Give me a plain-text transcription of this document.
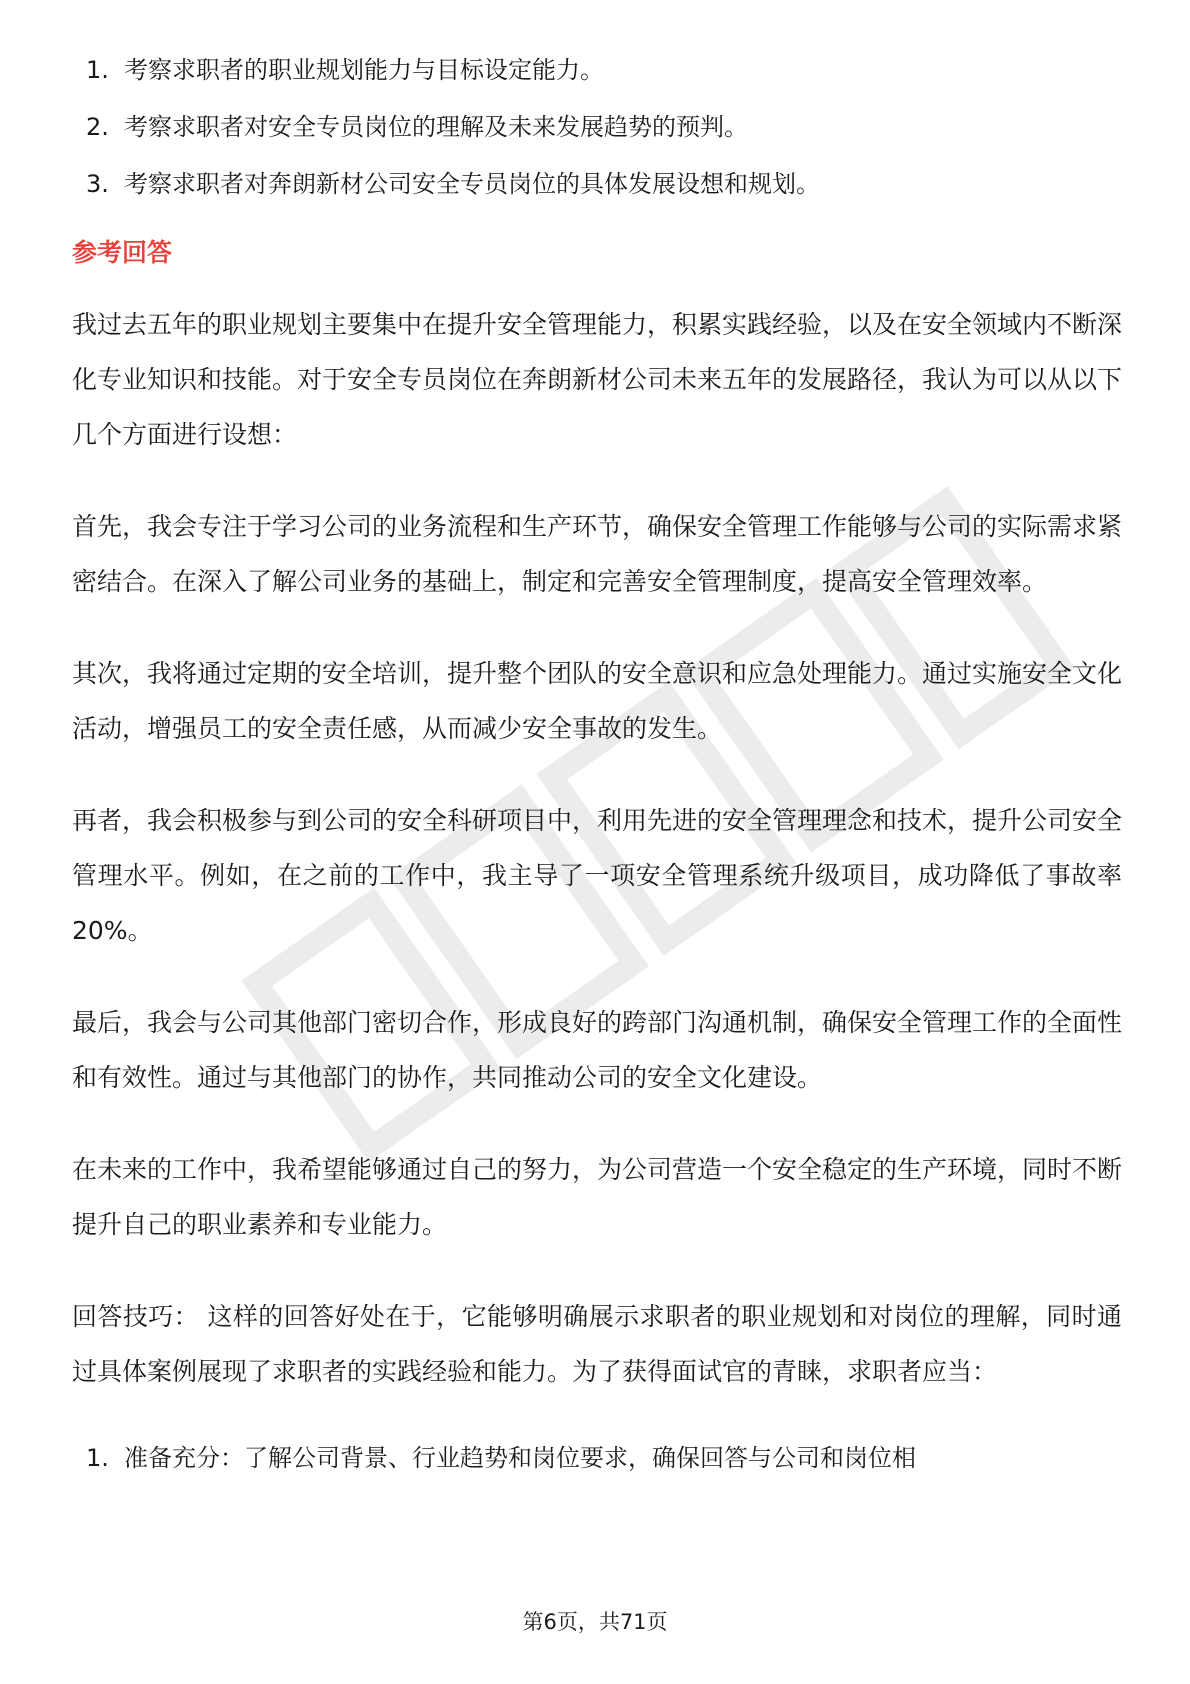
1. 考察求职者的职业规划能力与目标设定能力。
2. 考察求职者对安全专员岗位的理解及未来发展趋势的预判。
3. 考察求职者对奔朗新材公司安全专员岗位的具体发展设想和规划。
参考回答

我过去五年的职业规划主要集中在提升安全管理能力，积累实践经验，以及在安全领域内不断深化专业知识和技能。对于安全专员岗位在奔朗新材公司未来五年的发展路径，我认为可以从以下几个方面进行设想：

首先，我会专注于学习公司的业务流程和生产环节，确保安全管理工作能够与公司的实际需求紧密结合。在深入了解公司业务的基础上，制定和完善安全管理制度，提高安全管理效率。

其次，我将通过定期的安全培训，提升整个团队的安全意识和应急处理能力。通过实施安全文化活动，增强员工的安全责任感，从而减少安全事故的发生。

再者，我会积极参与到公司的安全科研项目中，利用先进的安全管理理念和技术，提升公司安全管理水平。例如，在之前的工作中，我主导了一项安全管理系统升级项目，成功降低了事故率20%。

最后，我会与公司其他部门密切合作，形成良好的跨部门沟通机制，确保安全管理工作的全面性和有效性。通过与其他部门的协作，共同推动公司的安全文化建设。

在未来的工作中，我希望能够通过自己的努力，为公司营造一个安全稳定的生产环境，同时不断提升自己的职业素养和专业能力。

回答技巧： 这样的回答好处在于，它能够明确展示求职者的职业规划和对岗位的理解，同时通过具体案例展现了求职者的实践经验和能力。为了获得面试官的青睐，求职者应当：

1. 准备充分：了解公司背景、行业趋势和岗位要求，确保回答与公司和岗位相
第6页，共71页
